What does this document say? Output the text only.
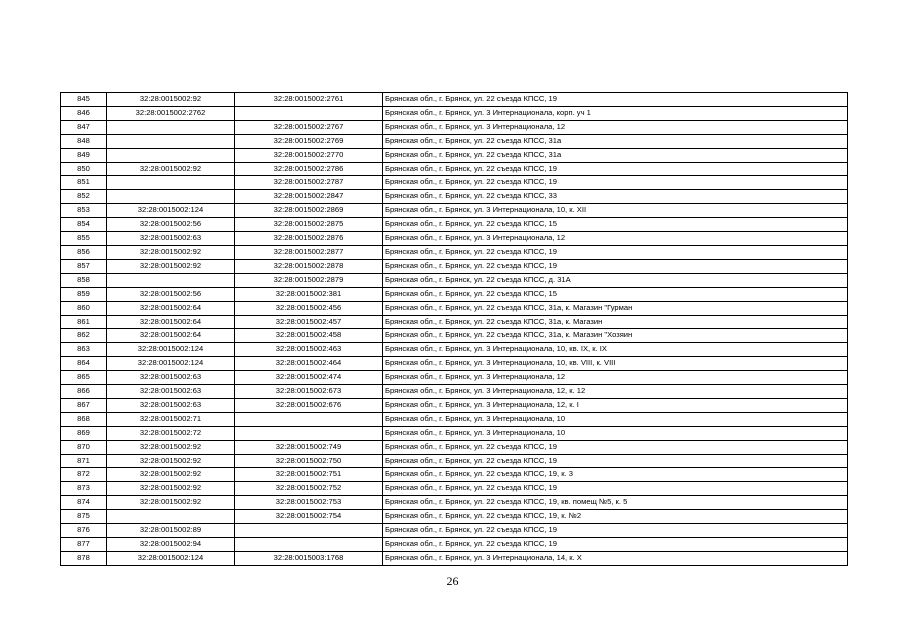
845	32:28:0015002:92	32:28:0015002:2761	Брянская обл., г. Брянск, ул. 22 съезда КПСС, 19
846	32:28:0015002:2762		Брянская обл., г. Брянск, ул. 3 Интернационала, корп. уч 1
847		32:28:0015002:2767	Брянская обл., г. Брянск, ул. 3 Интернационала, 12
848		32:28:0015002:2769	Брянская обл., г. Брянск, ул. 22 съезда КПСС, 31а
849		32:28:0015002:2770	Брянская обл., г. Брянск, ул. 22 съезда КПСС, 31а
850	32:28:0015002:92	32:28:0015002:2786	Брянская обл., г. Брянск, ул. 22 съезда КПСС, 19
851		32:28:0015002:2787	Брянская обл., г. Брянск, ул. 22 съезда КПСС, 19
852		32:28:0015002:2847	Брянская обл., г. Брянск, ул. 22 съезда КПСС, 33
853	32:28:0015002:124	32:28:0015002:2869	Брянская обл., г. Брянск, ул. 3 Интернационала, 10, к. XII
854	32:28:0015002:56	32:28:0015002:2875	Брянская обл., г. Брянск, ул. 22 съезда КПСС, 15
855	32:28:0015002:63	32:28:0015002:2876	Брянская обл., г. Брянск, ул. 3 Интернационала, 12
856	32:28:0015002:92	32:28:0015002:2877	Брянская обл., г. Брянск, ул. 22 съезда КПСС, 19
857	32:28:0015002:92	32:28:0015002:2878	Брянская обл., г. Брянск, ул. 22 съезда КПСС, 19
858		32:28:0015002:2879	Брянская обл., г. Брянск, ул. 22 съезда КПСС, д. 31А
859	32:28:0015002:56	32:28:0015002:381	Брянская обл., г. Брянск, ул. 22 съезда КПСС, 15
860	32:28:0015002:64	32:28:0015002:456	Брянская обл., г. Брянск, ул. 22 съезда КПСС, 31а, к. Магазин "Гурман
861	32:28:0015002:64	32:28:0015002:457	Брянская обл., г. Брянск, ул. 22 съезда КПСС, 31а, к. Магазин
862	32:28:0015002:64	32:28:0015002:458	Брянская обл., г. Брянск, ул. 22 съезда КПСС, 31а, к. Магазин "Хозяин
863	32:28:0015002:124	32:28:0015002:463	Брянская обл., г. Брянск, ул. 3 Интернационала, 10, кв. IX, к. IX
864	32:28:0015002:124	32:28:0015002:464	Брянская обл., г. Брянск, ул. 3 Интернационала, 10, кв. VIII, к. VIII
865	32:28:0015002:63	32:28:0015002:474	Брянская обл., г. Брянск, ул. 3 Интернационала, 12
866	32:28:0015002:63	32:28:0015002:673	Брянская обл., г. Брянск, ул. 3 Интернационала, 12, к. 12
867	32:28:0015002:63	32:28:0015002:676	Брянская обл., г. Брянск, ул. 3 Интернационала, 12, к. I
868	32:28:0015002:71		Брянская обл., г. Брянск, ул. 3 Интернационала, 10
869	32:28:0015002:72		Брянская обл., г. Брянск, ул. 3 Интернационала, 10
870	32:28:0015002:92	32:28:0015002:749	Брянская обл., г. Брянск, ул. 22 съезда КПСС, 19
871	32:28:0015002:92	32:28:0015002:750	Брянская обл., г. Брянск, ул. 22 съезда КПСС, 19
872	32:28:0015002:92	32:28:0015002:751	Брянская обл., г. Брянск, ул. 22 съезда КПСС, 19, к. 3
873	32:28:0015002:92	32:28:0015002:752	Брянская обл., г. Брянск, ул. 22 съезда КПСС, 19
874	32:28:0015002:92	32:28:0015002:753	Брянская обл., г. Брянск, ул. 22 съезда КПСС, 19, кв. помещ №5, к. 5
875		32:28:0015002:754	Брянская обл., г. Брянск, ул. 22 съезда КПСС, 19, к. №2
876	32:28:0015002:89		Брянская обл., г. Брянск, ул. 22 съезда КПСС, 19
877	32:28:0015002:94		Брянская обл., г. Брянск, ул. 22 съезда КПСС, 19
878	32:28:0015002:124	32:28:0015003:1768	Брянская обл., г. Брянск, ул. 3 Интернационала, 14, к. X
26
